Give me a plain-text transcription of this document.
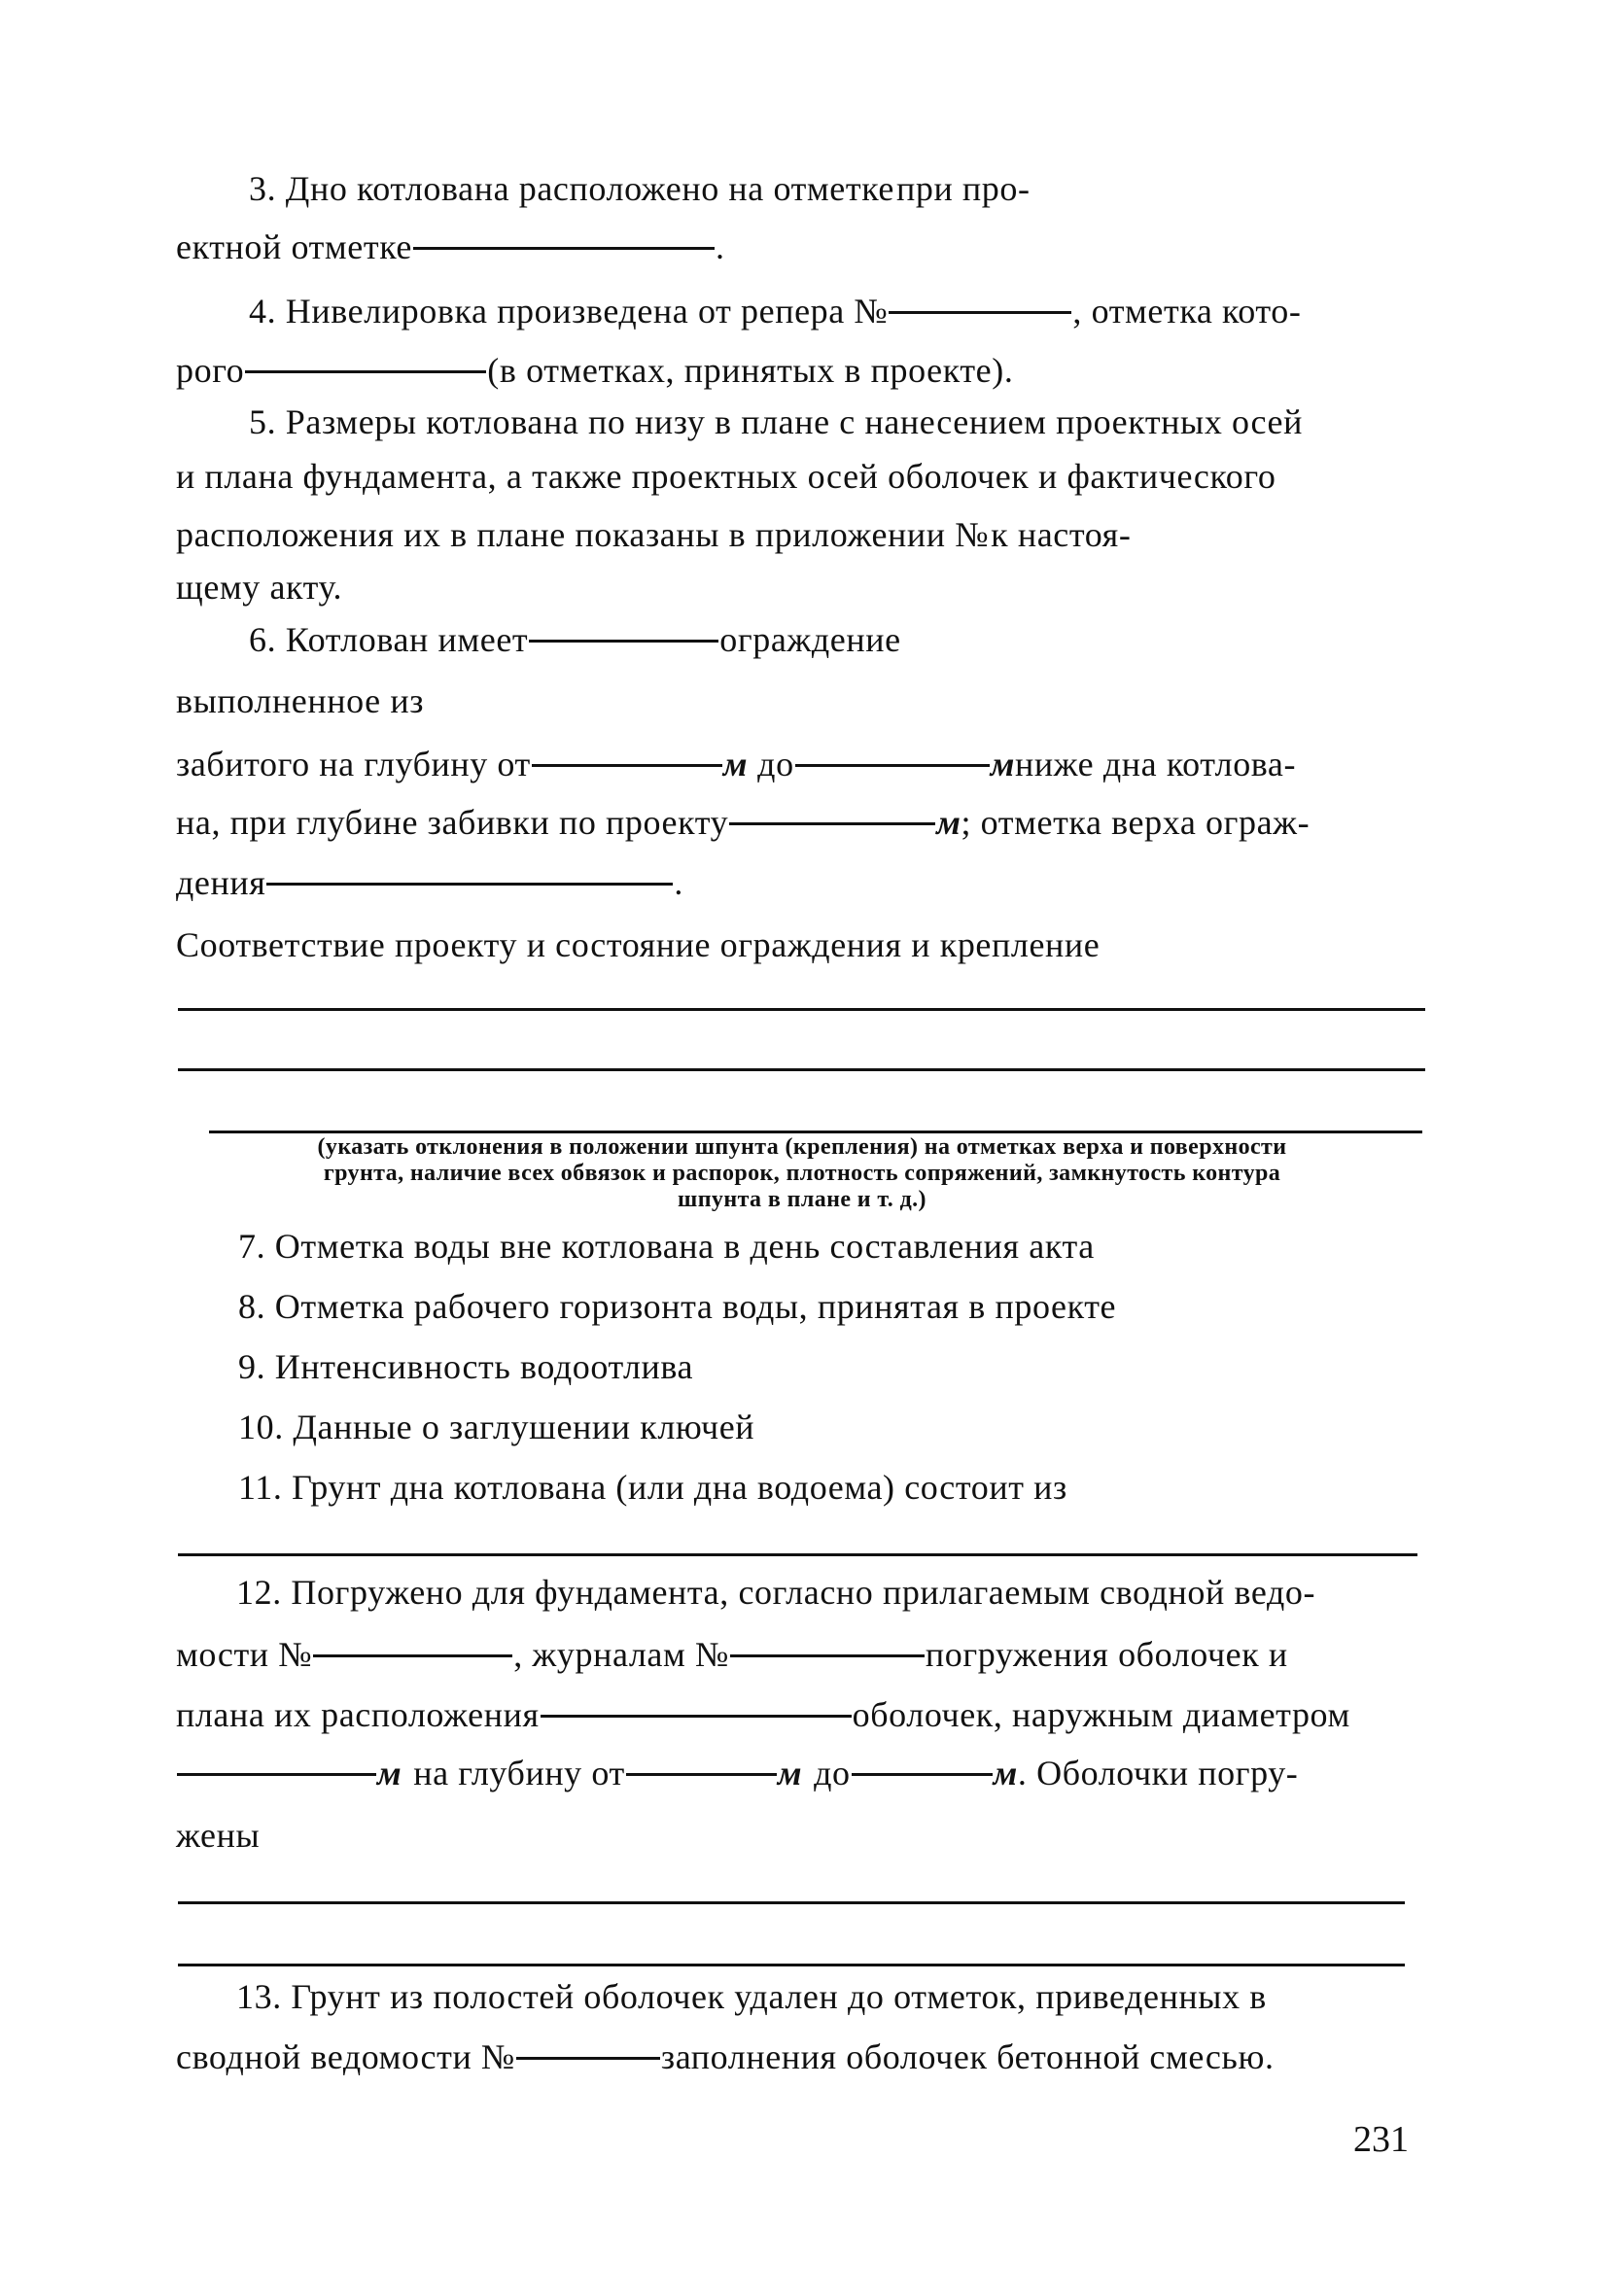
3. Дно котлована расположено на отметке при про-
ектной отметке	.
4. Нивелировка произведена от репера №	, отметка кото-
рого	(в отметках, принятых в проекте).
5. Размеры котлована по низу в плане с нанесением проектных осей
и плана фундамента, а также проектных осей оболочек и фактического
расположения их в плане показаны в приложении № к настоя-
щему акту.
6. Котлован имеет	ограждение
выполненное из
забитого на глубину от	м до	м ниже дна котлова-
на, при глубине забивки по проекту	м ; отметка верха ограж-
дения	.
Соответствие проекту и состояние ограждения и крепление
(указать отклонения в положении шпунта (крепления) на отметках верха и поверхности
грунта, наличие всех обвязок и распорок, плотность сопряжений, замкнутость контура
шпунта в плане и т. д.)
7. Отметка воды вне котлована в день составления акта
8. Отметка рабочего горизонта воды, принятая в проекте
9. Интенсивность водоотлива
10. Данные о заглушении ключей
11. Грунт дна котлована (или дна водоема) состоит из
12. Погружено для фундамента, согласно прилагаемым сводной ведо-
мости №	, журналам №	погружения оболочек и
плана их расположения	оболочек, наружным диаметром
м на глубину от	м до	м . Оболочки погру-
жены
13. Грунт из полостей оболочек удален до отметок, приведенных в
сводной ведомости №	заполнения оболочек бетонной смесью.
231
